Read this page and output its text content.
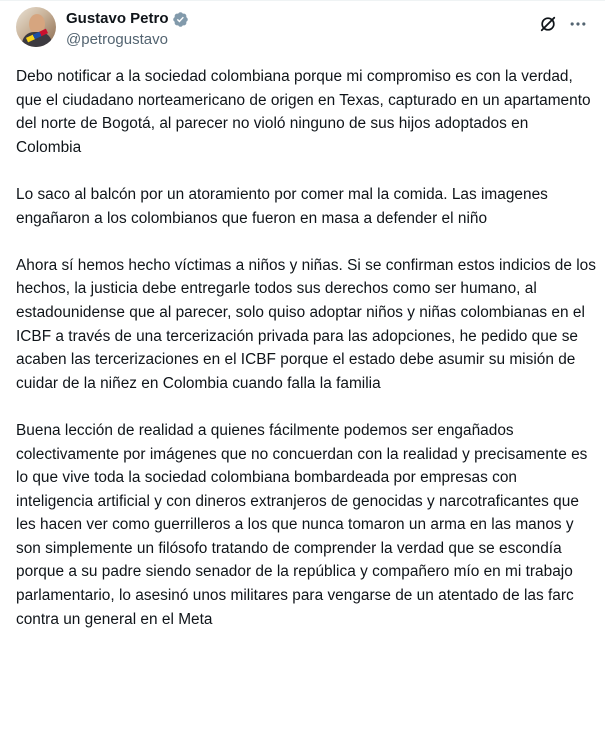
Gustavo Petro
@petrogustavo

Debo notificar a la sociedad colombiana porque mi compromiso es con la verdad, que el ciudadano norteamericano de origen en Texas, capturado en un apartamento del norte de Bogotá, al parecer no violó ninguno de sus hijos adoptados en Colombia

Lo saco al balcón por un atoramiento por comer mal la comida. Las imagenes engañaron a los colombianos que fueron en masa a defender el niño

Ahora sí hemos hecho víctimas a niños y niñas. Si se confirman estos indicios de los hechos, la justicia debe entregarle todos sus derechos como ser humano, al estadounidense que al parecer, solo quiso adoptar niños y niñas colombianas en el ICBF a través de una tercerización privada para las adopciones, he pedido que se acaben las tercerizaciones en el ICBF porque el estado debe asumir su misión de cuidar de la niñez en Colombia cuando falla la familia

Buena lección de realidad a quienes fácilmente podemos ser engañados colectivamente por imágenes que no concuerdan con la realidad y precisamente es lo que vive toda la sociedad colombiana bombardeada por empresas con inteligencia artificial y con dineros extranjeros de genocidas y narcotraficantes que les hacen ver como guerrilleros a los que nunca tomaron un arma en las manos y son simplemente un filósofo tratando de comprender la verdad que se escondía porque a su padre siendo senador de la república y compañero mío en mi trabajo parlamentario, lo asesinó unos militares para vengarse de un atentado de las farc contra un general en el Meta
